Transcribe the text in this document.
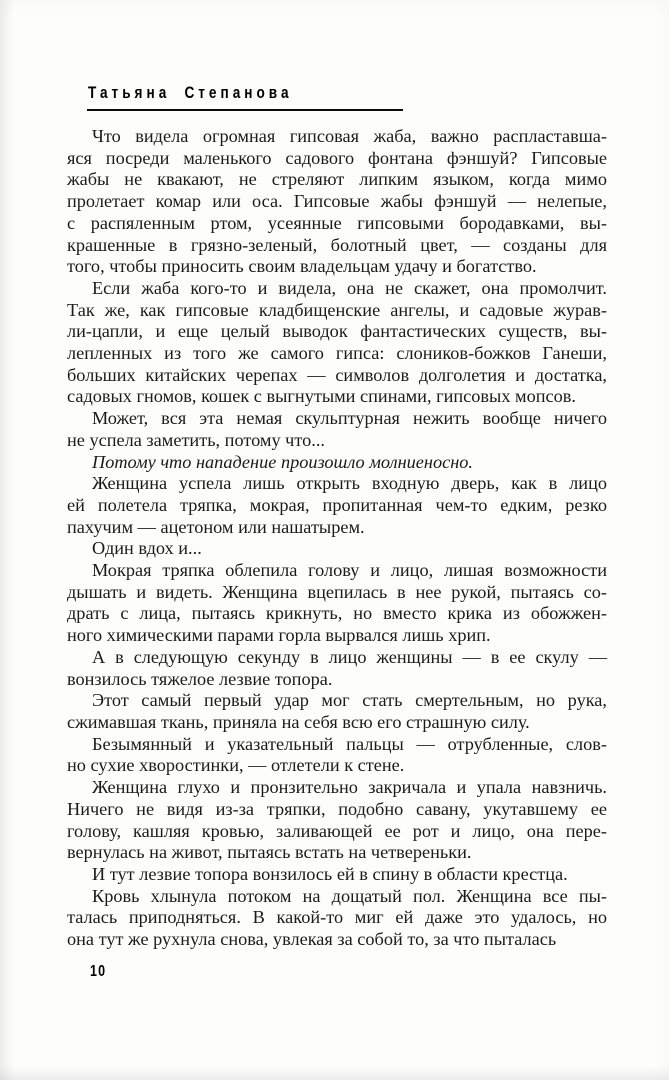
Татьяна Степанова
Что видела огромная гипсовая жаба, важно распластавша-
яся посреди маленького садового фонтана фэншуй? Гипсовые
жабы не квакают, не стреляют липким языком, когда мимо
пролетает комар или оса. Гипсовые жабы фэншуй — нелепые,
с распяленным ртом, усеянные гипсовыми бородавками, вы-
крашенные в грязно-зеленый, болотный цвет, — созданы для
того, чтобы приносить своим владельцам удачу и богатство.
Если жаба кого-то и видела, она не скажет, она промолчит.
Так же, как гипсовые кладбищенские ангелы, и садовые журав-
ли-цапли, и еще целый выводок фантастических существ, вы-
лепленных из того же самого гипса: слоников-божков Ганеши,
больших китайских черепах — символов долголетия и достатка,
садовых гномов, кошек с выгнутыми спинами, гипсовых мопсов.
Может, вся эта немая скульптурная нежить вообще ничего
не успела заметить, потому что...
Потому что нападение произошло молниеносно.
Женщина успела лишь открыть входную дверь, как в лицо
ей полетела тряпка, мокрая, пропитанная чем-то едким, резко
пахучим — ацетоном или нашатырем.
Один вдох и...
Мокрая тряпка облепила голову и лицо, лишая возможности
дышать и видеть. Женщина вцепилась в нее рукой, пытаясь со-
драть с лица, пытаясь крикнуть, но вместо крика из обожжен-
ного химическими парами горла вырвался лишь хрип.
А в следующую секунду в лицо женщины — в ее скулу —
вонзилось тяжелое лезвие топора.
Этот самый первый удар мог стать смертельным, но рука,
сжимавшая ткань, приняла на себя всю его страшную силу.
Безымянный и указательный пальцы — отрубленные, слов-
но сухие хворостинки, — отлетели к стене.
Женщина глухо и пронзительно закричала и упала навзничь.
Ничего не видя из-за тряпки, подобно савану, укутавшему ее
голову, кашляя кровью, заливающей ее рот и лицо, она пере-
вернулась на живот, пытаясь встать на четвереньки.
И тут лезвие топора вонзилось ей в спину в области крестца.
Кровь хлынула потоком на дощатый пол. Женщина все пы-
талась приподняться. В какой-то миг ей даже это удалось, но
она тут же рухнула снова, увлекая за собой то, за что пыталась
10
